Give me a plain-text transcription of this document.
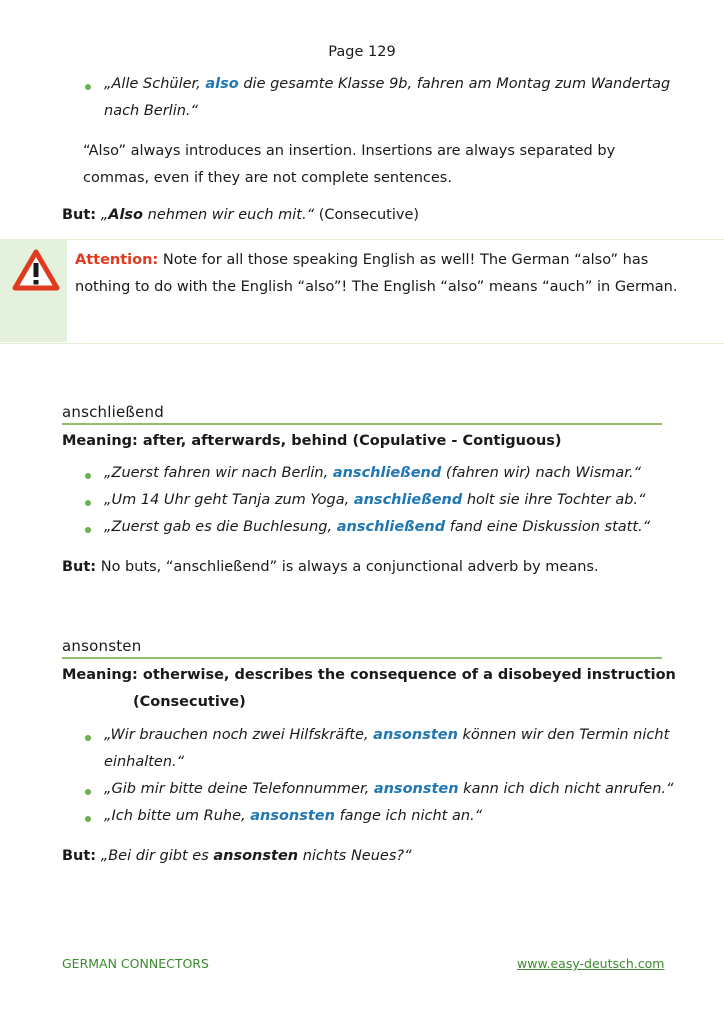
Page 129
„Alle Schüler, also die gesamte Klasse 9b, fahren am Montag zum Wandertag
nach Berlin.“
“Also” always introduces an insertion. Insertions are always separated by
commas, even if they are not complete sentences.
But: „Also nehmen wir euch mit.“ (Consecutive)
Attention: Note for all those speaking English as well! The German “also” has
nothing to do with the English “also”! The English “also” means “auch” in German.
anschließend
Meaning: after, afterwards, behind (Copulative - Contiguous)
„Zuerst fahren wir nach Berlin, anschließend (fahren wir) nach Wismar.“
„Um 14 Uhr geht Tanja zum Yoga, anschließend holt sie ihre Tochter ab.“
„Zuerst gab es die Buchlesung, anschließend fand eine Diskussion statt.“
But: No buts, “anschließend” is always a conjunctional adverb by means.
ansonsten
Meaning: otherwise, describes the consequence of a disobeyed instruction
(Consecutive)
„Wir brauchen noch zwei Hilfskräfte, ansonsten können wir den Termin nicht
einhalten.“
„Gib mir bitte deine Telefonnummer, ansonsten kann ich dich nicht anrufen.“
„Ich bitte um Ruhe, ansonsten fange ich nicht an.“
But: „Bei dir gibt es ansonsten nichts Neues?“
GERMAN CONNECTORS	www.easy-deutsch.com
